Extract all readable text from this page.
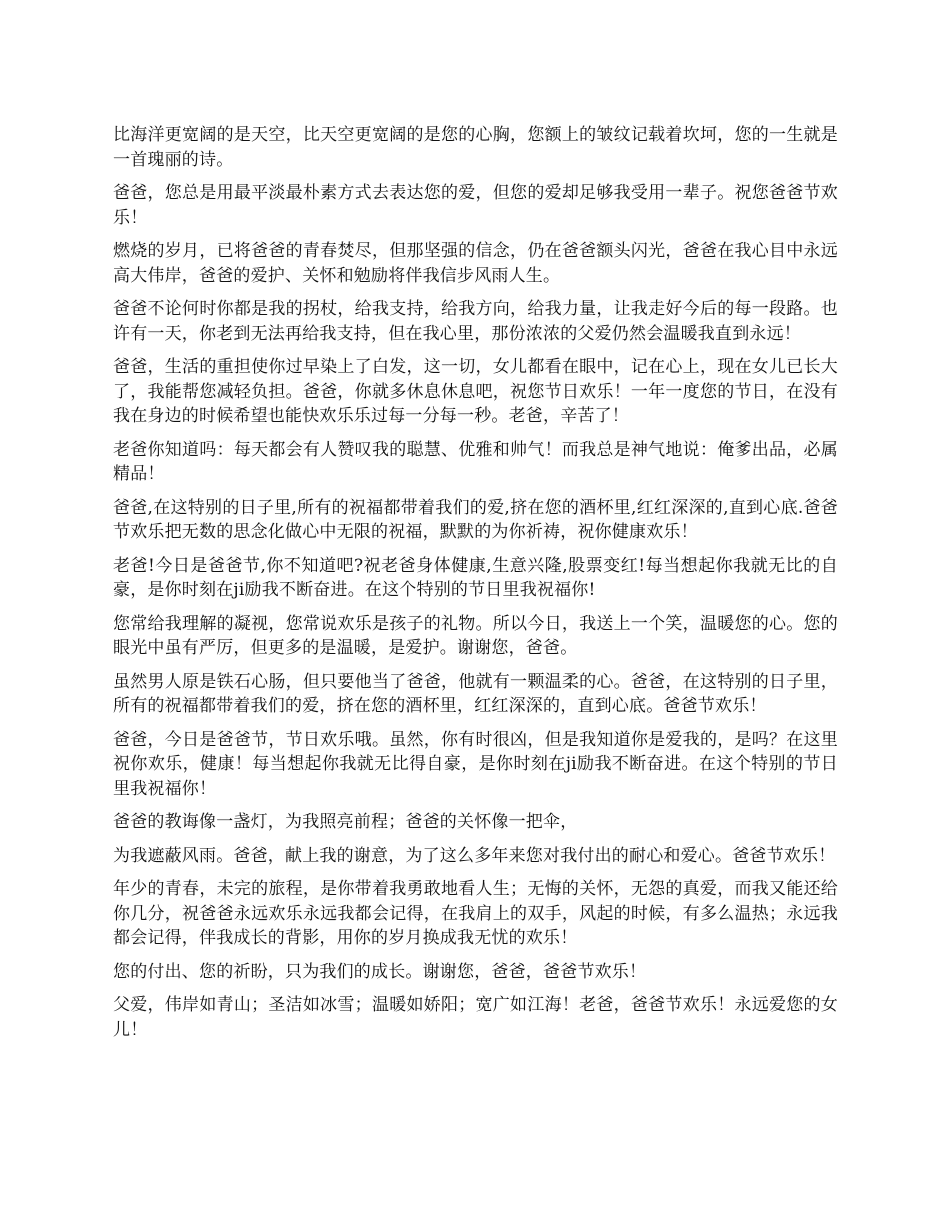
比海洋更宽阔的是天空，比天空更宽阔的是您的心胸，您额上的皱纹记载着坎坷，您的一生就是一首瑰丽的诗。

爸爸，您总是用最平淡最朴素方式去表达您的爱，但您的爱却足够我受用一辈子。祝您爸爸节欢乐！

燃烧的岁月，已将爸爸的青春焚尽，但那坚强的信念，仍在爸爸额头闪光，爸爸在我心目中永远高大伟岸，爸爸的爱护、关怀和勉励将伴我信步风雨人生。

爸爸不论何时你都是我的拐杖，给我支持，给我方向，给我力量，让我走好今后的每一段路。也许有一天，你老到无法再给我支持，但在我心里，那份浓浓的父爱仍然会温暖我直到永远！

爸爸，生活的重担使你过早染上了白发，这一切，女儿都看在眼中，记在心上，现在女儿已长大了，我能帮您减轻负担。爸爸，你就多休息休息吧，祝您节日欢乐！一年一度您的节日，在没有我在身边的时候希望也能快欢乐乐过每一分每一秒。老爸，辛苦了！

老爸你知道吗：每天都会有人赞叹我的聪慧、优雅和帅气！而我总是神气地说：俺爹出品，必属精品！

爸爸,在这特别的日子里,所有的祝福都带着我们的爱,挤在您的酒杯里,红红深深的,直到心底.爸爸节欢乐把无数的思念化做心中无限的祝福，默默的为你祈祷，祝你健康欢乐！

老爸!今日是爸爸节,你不知道吧?祝老爸身体健康,生意兴隆,股票变红!每当想起你我就无比的自豪，是你时刻在ji励我不断奋进。在这个特别的节日里我祝福你!

您常给我理解的凝视，您常说欢乐是孩子的礼物。所以今日，我送上一个笑，温暖您的心。您的眼光中虽有严厉，但更多的是温暖，是爱护。谢谢您，爸爸。

虽然男人原是铁石心肠，但只要他当了爸爸，他就有一颗温柔的心。爸爸，在这特别的日子里，所有的祝福都带着我们的爱，挤在您的酒杯里，红红深深的，直到心底。爸爸节欢乐！

爸爸，今日是爸爸节，节日欢乐哦。虽然，你有时很凶，但是我知道你是爱我的，是吗？在这里祝你欢乐，健康！每当想起你我就无比得自豪，是你时刻在ji励我不断奋进。在这个特别的节日里我祝福你！

爸爸的教诲像一盏灯，为我照亮前程；爸爸的关怀像一把伞，

为我遮蔽风雨。爸爸，献上我的谢意，为了这么多年来您对我付出的耐心和爱心。爸爸节欢乐！

年少的青春，未完的旅程，是你带着我勇敢地看人生；无悔的关怀，无怨的真爱，而我又能还给你几分，祝爸爸永远欢乐永远我都会记得，在我肩上的双手，风起的时候，有多么温热；永远我都会记得，伴我成长的背影，用你的岁月换成我无忧的欢乐！

您的付出、您的祈盼，只为我们的成长。谢谢您，爸爸，爸爸节欢乐！

父爱，伟岸如青山；圣洁如冰雪；温暖如娇阳；宽广如江海！老爸，爸爸节欢乐！永远爱您的女儿！
